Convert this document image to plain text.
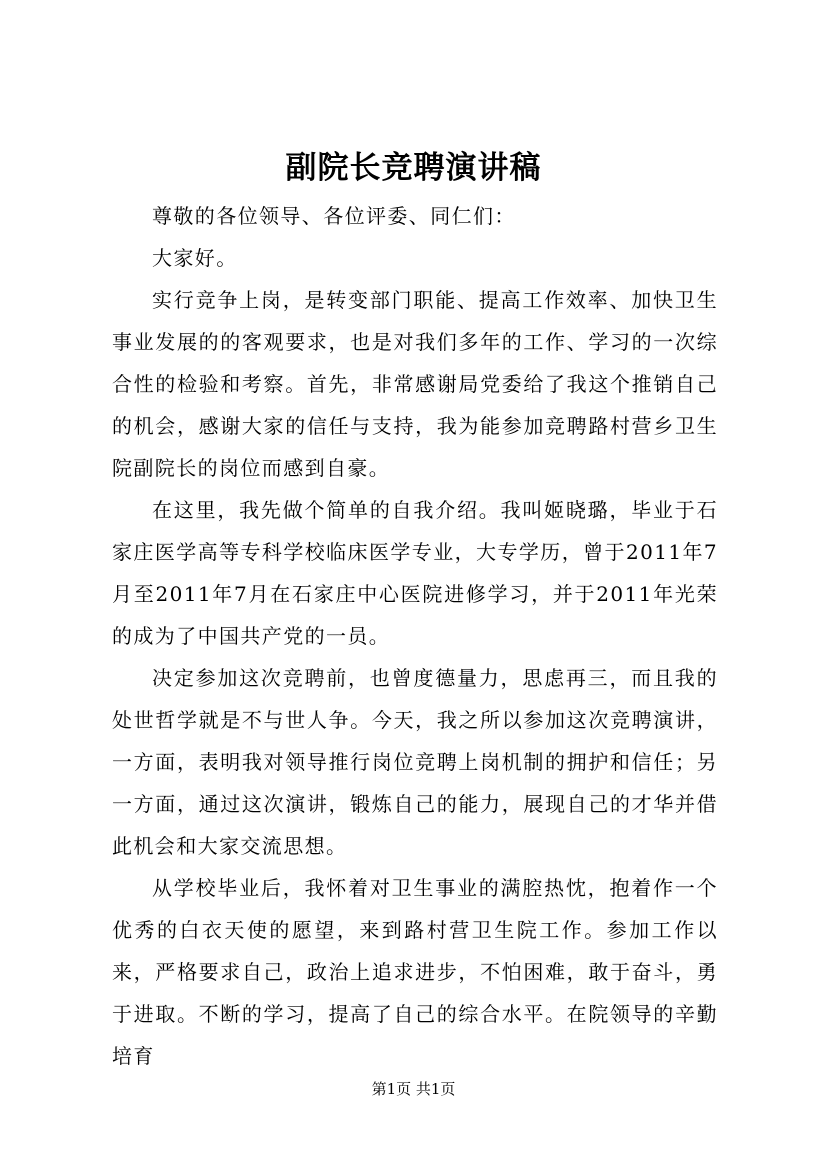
副院长竞聘演讲稿

尊敬的各位领导、各位评委、同仁们：

大家好。

实行竞争上岗，是转变部门职能、提高工作效率、加快卫生事业发展的的客观要求，也是对我们多年的工作、学习的一次综合性的检验和考察。首先，非常感谢局党委给了我这个推销自己的机会，感谢大家的信任与支持，我为能参加竞聘路村营乡卫生院副院长的岗位而感到自豪。

在这里，我先做个简单的自我介绍。我叫姬晓璐，毕业于石家庄医学高等专科学校临床医学专业，大专学历，曾于2011年7月至2011年7月在石家庄中心医院进修学习，并于2011年光荣的成为了中国共产党的一员。

决定参加这次竞聘前，也曾度德量力，思虑再三，而且我的处世哲学就是不与世人争。今天，我之所以参加这次竞聘演讲，一方面，表明我对领导推行岗位竞聘上岗机制的拥护和信任；另一方面，通过这次演讲，锻炼自己的能力，展现自己的才华并借此机会和大家交流思想。

从学校毕业后，我怀着对卫生事业的满腔热忱，抱着作一个优秀的白衣天使的愿望，来到路村营卫生院工作。参加工作以来，严格要求自己，政治上追求进步，不怕困难，敢于奋斗，勇于进取。不断的学习，提高了自己的综合水平。在院领导的辛勤培育

第1页 共1页
